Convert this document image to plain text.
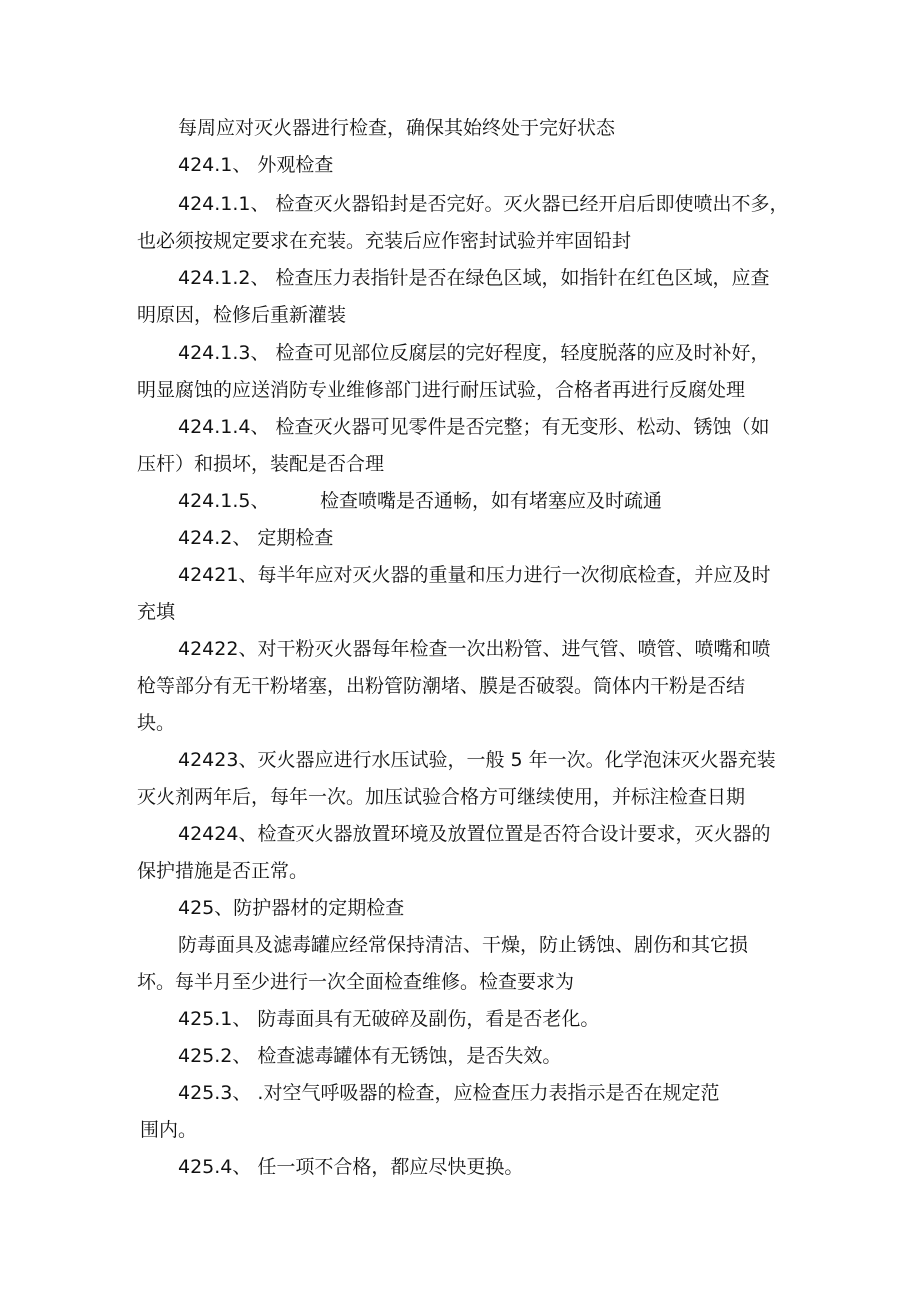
每周应对灭火器进行检查，确保其始终处于完好状态

424.1、 外观检查

424.1.1、 检查灭火器铅封是否完好。灭火器已经开启后即使喷出不多，

也必须按规定要求在充装。充装后应作密封试验并牢固铅封

424.1.2、 检查压力表指针是否在绿色区域，如指针在红色区域，应查

明原因，检修后重新灌装

424.1.3、 检查可见部位反腐层的完好程度，轻度脱落的应及时补好，

明显腐蚀的应送消防专业维修部门进行耐压试验，合格者再进行反腐处理

424.1.4、 检查灭火器可见零件是否完整；有无变形、松动、锈蚀（如

压杆）和损坏，装配是否合理

424.1.5、	检查喷嘴是否通畅，如有堵塞应及时疏通

424.2、 定期检查

42421、每半年应对灭火器的重量和压力进行一次彻底检查，并应及时

充填

42422、对干粉灭火器每年检查一次出粉管、进气管、喷管、喷嘴和喷

枪等部分有无干粉堵塞，出粉管防潮堵、膜是否破裂。筒体内干粉是否结

块。

42423、灭火器应进行水压试验，一般 5 年一次。化学泡沫灭火器充装

灭火剂两年后，每年一次。加压试验合格方可继续使用，并标注检查日期

42424、检查灭火器放置环境及放置位置是否符合设计要求，灭火器的

保护措施是否正常。

425、防护器材的定期检查

防毒面具及滤毒罐应经常保持清洁、干燥，防止锈蚀、剧伤和其它损

坏。每半月至少进行一次全面检查维修。检查要求为

425.1、 防毒面具有无破碎及副伤，看是否老化。

425.2、 检查滤毒罐体有无锈蚀，是否失效。

425.3、 .对空气呼吸器的检查，应检查压力表指示是否在规定范

围内。

425.4、 任一项不合格，都应尽快更换。
